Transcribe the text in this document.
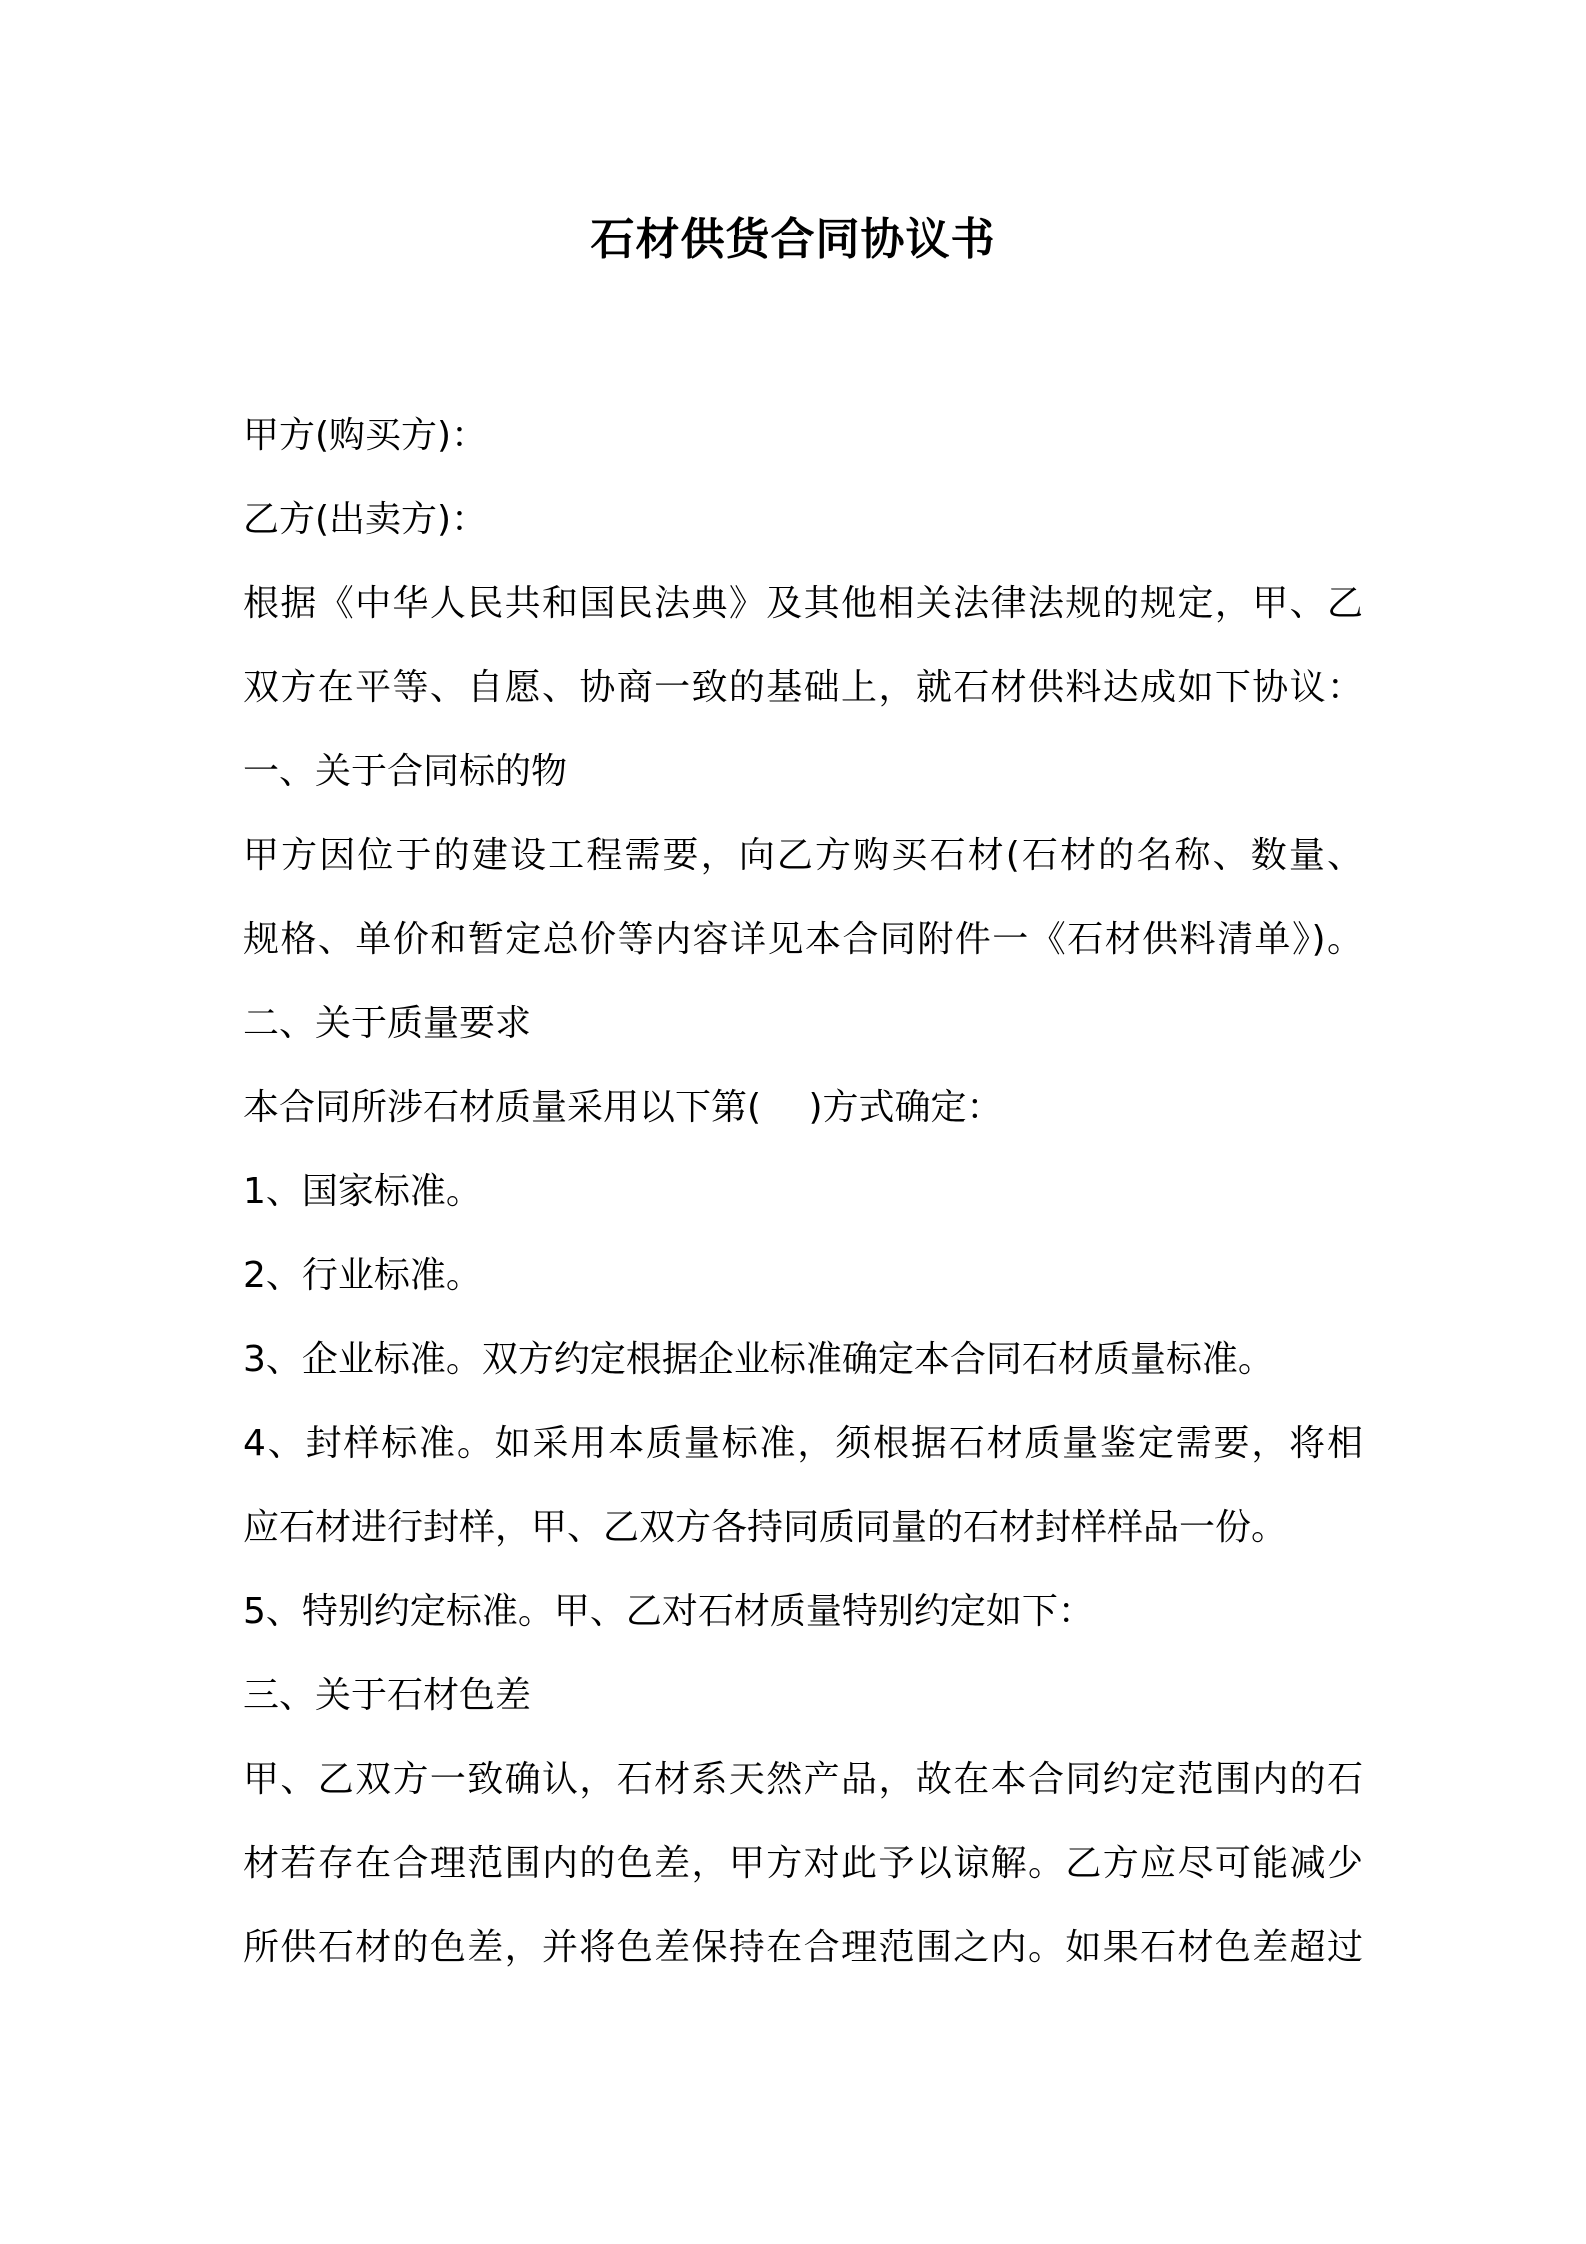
石材供货合同协议书
甲方(购买方)：
乙方(出卖方)：
根据《中华人民共和国民法典》及其他相关法律法规的规定，甲、乙
双方在平等、自愿、协商一致的基础上，就石材供料达成如下协议：
一、关于合同标的物
甲方因位于的建设工程需要，向乙方购买石材(石材的名称、数量、
规格、单价和暂定总价等内容详见本合同附件一《石材供料清单》)。
二、关于质量要求
本合同所涉石材质量采用以下第(　 )方式确定：
1、国家标准。
2、行业标准。
3、企业标准。双方约定根据企业标准确定本合同石材质量标准。
4、封样标准。如采用本质量标准，须根据石材质量鉴定需要，将相
应石材进行封样，甲、乙双方各持同质同量的石材封样样品一份。
5、特别约定标准。甲、乙对石材质量特别约定如下：
三、关于石材色差
甲、乙双方一致确认，石材系天然产品，故在本合同约定范围内的石
材若存在合理范围内的色差，甲方对此予以谅解。乙方应尽可能减少
所供石材的色差，并将色差保持在合理范围之内。如果石材色差超过
